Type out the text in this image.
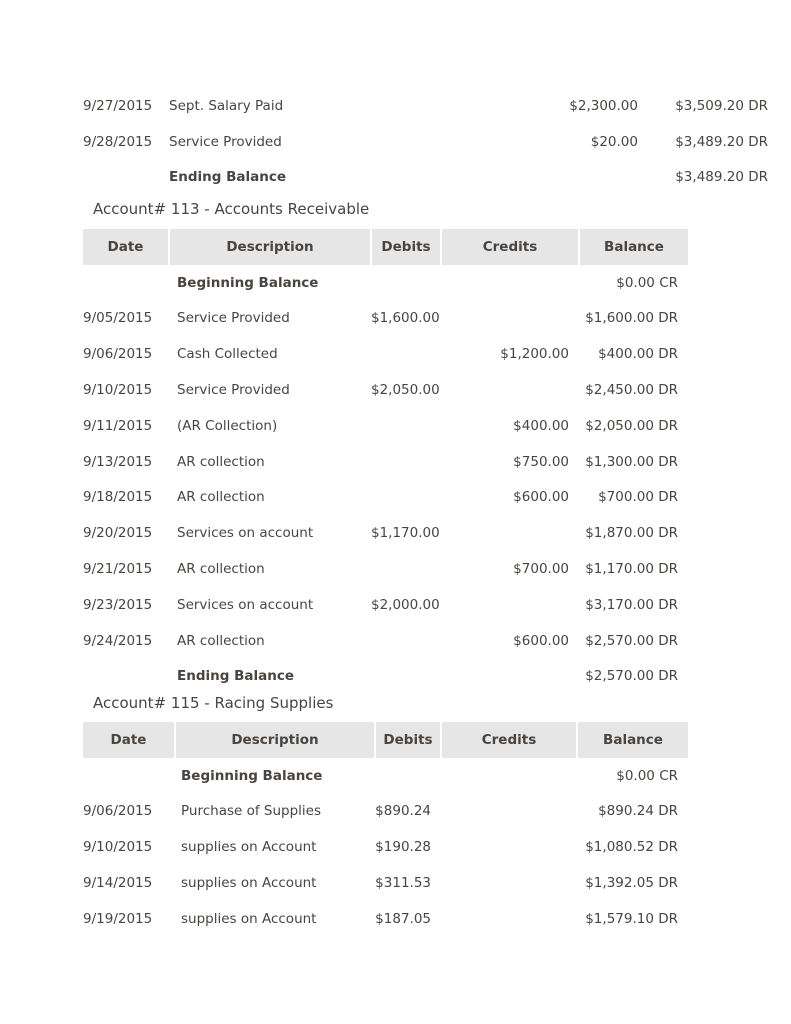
9/27/2015	Sept. Salary Paid		$2,300.00	$3,509.20 DR
9/28/2015	Service Provided		$20.00	$3,489.20 DR
	Ending Balance			$3,489.20 DR
Account# 113 - Accounts Receivable
Date	Description	Debits	Credits	Balance
	Beginning Balance			$0.00 CR
9/05/2015	Service Provided	$1,600.00		$1,600.00 DR
9/06/2015	Cash Collected		$1,200.00	$400.00 DR
9/10/2015	Service Provided	$2,050.00		$2,450.00 DR
9/11/2015	(AR Collection)		$400.00	$2,050.00 DR
9/13/2015	AR collection		$750.00	$1,300.00 DR
9/18/2015	AR collection		$600.00	$700.00 DR
9/20/2015	Services on account	$1,170.00		$1,870.00 DR
9/21/2015	AR collection		$700.00	$1,170.00 DR
9/23/2015	Services on account	$2,000.00		$3,170.00 DR
9/24/2015	AR collection		$600.00	$2,570.00 DR
	Ending Balance			$2,570.00 DR
Account# 115 - Racing Supplies
Date	Description	Debits	Credits	Balance
	Beginning Balance			$0.00 CR
9/06/2015	Purchase of Supplies	$890.24		$890.24 DR
9/10/2015	supplies on Account	$190.28		$1,080.52 DR
9/14/2015	supplies on Account	$311.53		$1,392.05 DR
9/19/2015	supplies on Account	$187.05		$1,579.10 DR
